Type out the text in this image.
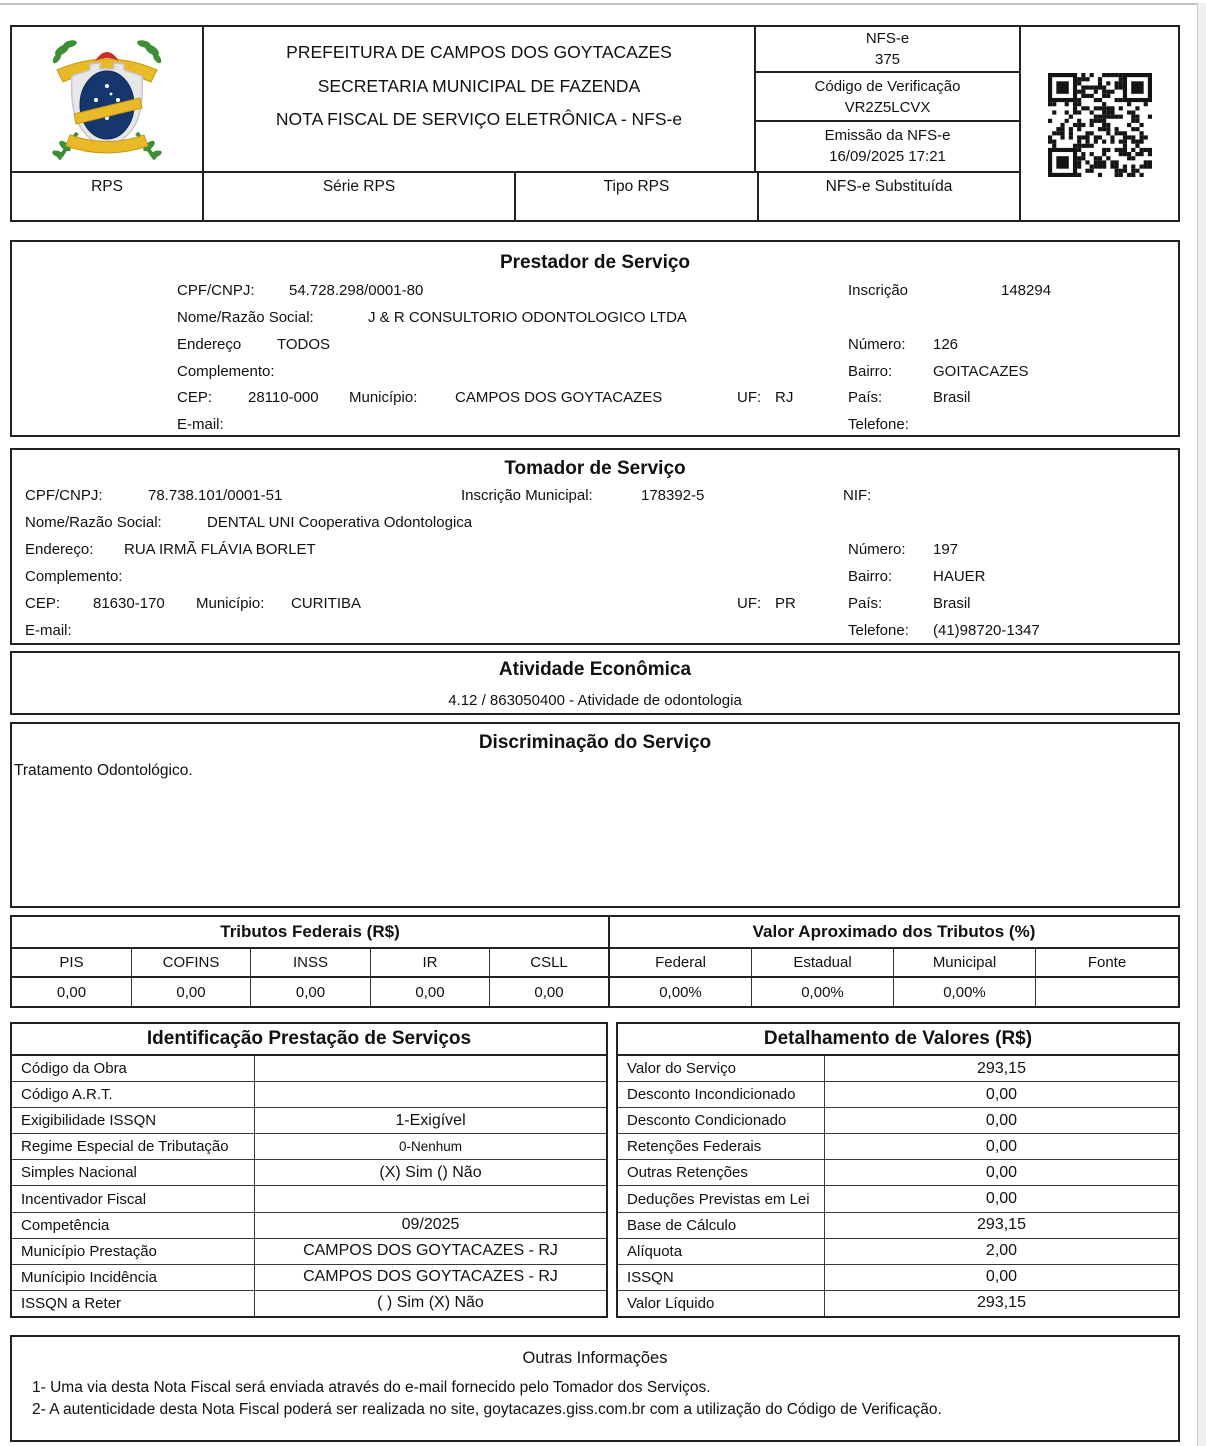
PREFEITURA DE CAMPOS DOS GOYTACAZES
SECRETARIA MUNICIPAL DE FAZENDA
NOTA FISCAL DE SERVIÇO ELETRÔNICA - NFS-e
NFS-e
375
Código de Verificação
VR2Z5LCVX
Emissão da NFS-e
16/09/2025 17:21
RPS	Série RPS	Tipo RPS	NFS-e Substituída
Prestador de Serviço
CPF/CNPJ: 54.728.298/0001-80	Inscrição	148294
Nome/Razão Social:	J & R CONSULTORIO ODONTOLOGICO LTDA
Endereço TODOS	Número: 126
Complemento:	Bairro:	GOITACAZES
CEP: 28110-000 Município:	CAMPOS DOS GOYTACAZES	UF: RJ	País:	Brasil
E-mail:	Telefone:
Tomador de Serviço
CPF/CNPJ:	78.738.101/0001-51	Inscrição Municipal:	178392-5	NIF:
Nome/Razão Social:	DENTAL UNI Cooperativa Odontologica
Endereço: RUA IRMÃ FLÁVIA BORLET	Número: 197
Complemento:	Bairro:	HAUER
CEP: 81630-170 Município: CURITIBA	UF: PR	País:	Brasil
E-mail:	Telefone: (41)98720-1347
Atividade Econômica
4.12 / 863050400 - Atividade de odontologia
Discriminação do Serviço
Tratamento Odontológico.
Tributos Federais (R$)	Valor Aproximado dos Tributos (%)
PIS	COFINS	INSS	IR	CSLL	Federal	Estadual	Municipal	Fonte
0,00	0,00	0,00	0,00	0,00	0,00%	0,00%	0,00%
Identificação Prestação de Serviços
Código da Obra
Código A.R.T.
Exigibilidade ISSQN	1-Exigível
Regime Especial de Tributação	0-Nenhum
Simples Nacional	(X) Sim () Não
Incentivador Fiscal
Competência	09/2025
Município Prestação	CAMPOS DOS GOYTACAZES - RJ
Munícipio Incidência	CAMPOS DOS GOYTACAZES - RJ
ISSQN a Reter	( ) Sim (X) Não
Detalhamento de Valores (R$)
Valor do Serviço	293,15
Desconto Incondicionado	0,00
Desconto Condicionado	0,00
Retenções Federais	0,00
Outras Retenções	0,00
Deduções Previstas em Lei	0,00
Base de Cálculo	293,15
Alíquota	2,00
ISSQN	0,00
Valor Líquido	293,15
Outras Informações
1- Uma via desta Nota Fiscal será enviada através do e-mail fornecido pelo Tomador dos Serviços.
2- A autenticidade desta Nota Fiscal poderá ser realizada no site, goytacazes.giss.com.br com a utilização do Código de Verificação.
